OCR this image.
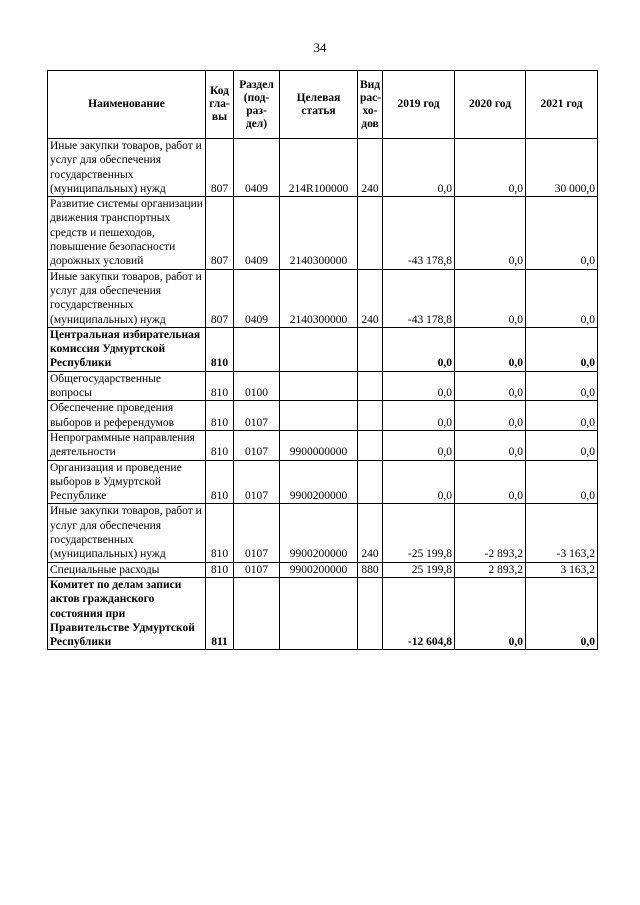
34
Наименование	Код гла-вы	Раздел (под-раз-дел)	Целевая статья	Вид рас-хо-дов	2019 год	2020 год	2021 год
Иные закупки товаров, работ и услуг для обеспечения государственных (муниципальных) нужд	807	0409	214R100000	240	0,0	0,0	30 000,0
Развитие системы организации движения транспортных средств и пешеходов, повышение безопасности дорожных условий	807	0409	2140300000		-43 178,8	0,0	0,0
Иные закупки товаров, работ и услуг для обеспечения государственных (муниципальных) нужд	807	0409	2140300000	240	-43 178,8	0,0	0,0
Центральная избирательная комиссия Удмуртской Республики	810				0,0	0,0	0,0
Общегосударственные вопросы	810	0100			0,0	0,0	0,0
Обеспечение проведения выборов и референдумов	810	0107			0,0	0,0	0,0
Непрограммные направления деятельности	810	0107	9900000000		0,0	0,0	0,0
Организация и проведение выборов в Удмуртской Республике	810	0107	9900200000		0,0	0,0	0,0
Иные закупки товаров, работ и услуг для обеспечения государственных (муниципальных) нужд	810	0107	9900200000	240	-25 199,8	-2 893,2	-3 163,2
Специальные расходы	810	0107	9900200000	880	25 199,8	2 893,2	3 163,2
Комитет по делам записи актов гражданского состояния при Правительстве Удмуртской Республики	811				-12 604,8	0,0	0,0
